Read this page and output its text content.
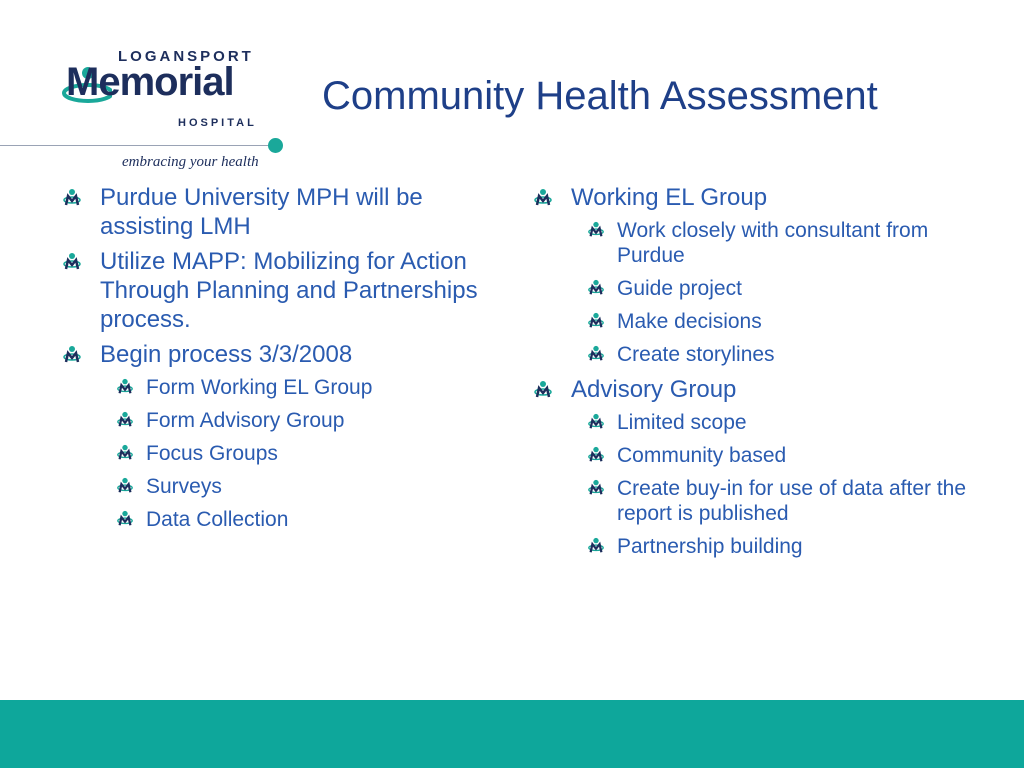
LOGANSPORT
Memorial
HOSPITAL
embracing your health
Community Health Assessment
Purdue University MPH will be assisting LMH
Utilize MAPP: Mobilizing for Action Through Planning and Partnerships process.
Begin process 3/3/2008
Form Working EL Group
Form Advisory Group
Focus Groups
Surveys
Data Collection
Working EL Group
Work closely with consultant from Purdue
Guide project
Make decisions
Create storylines
Advisory Group
Limited scope
Community based
Create buy-in for use of data after the report is published
Partnership building
